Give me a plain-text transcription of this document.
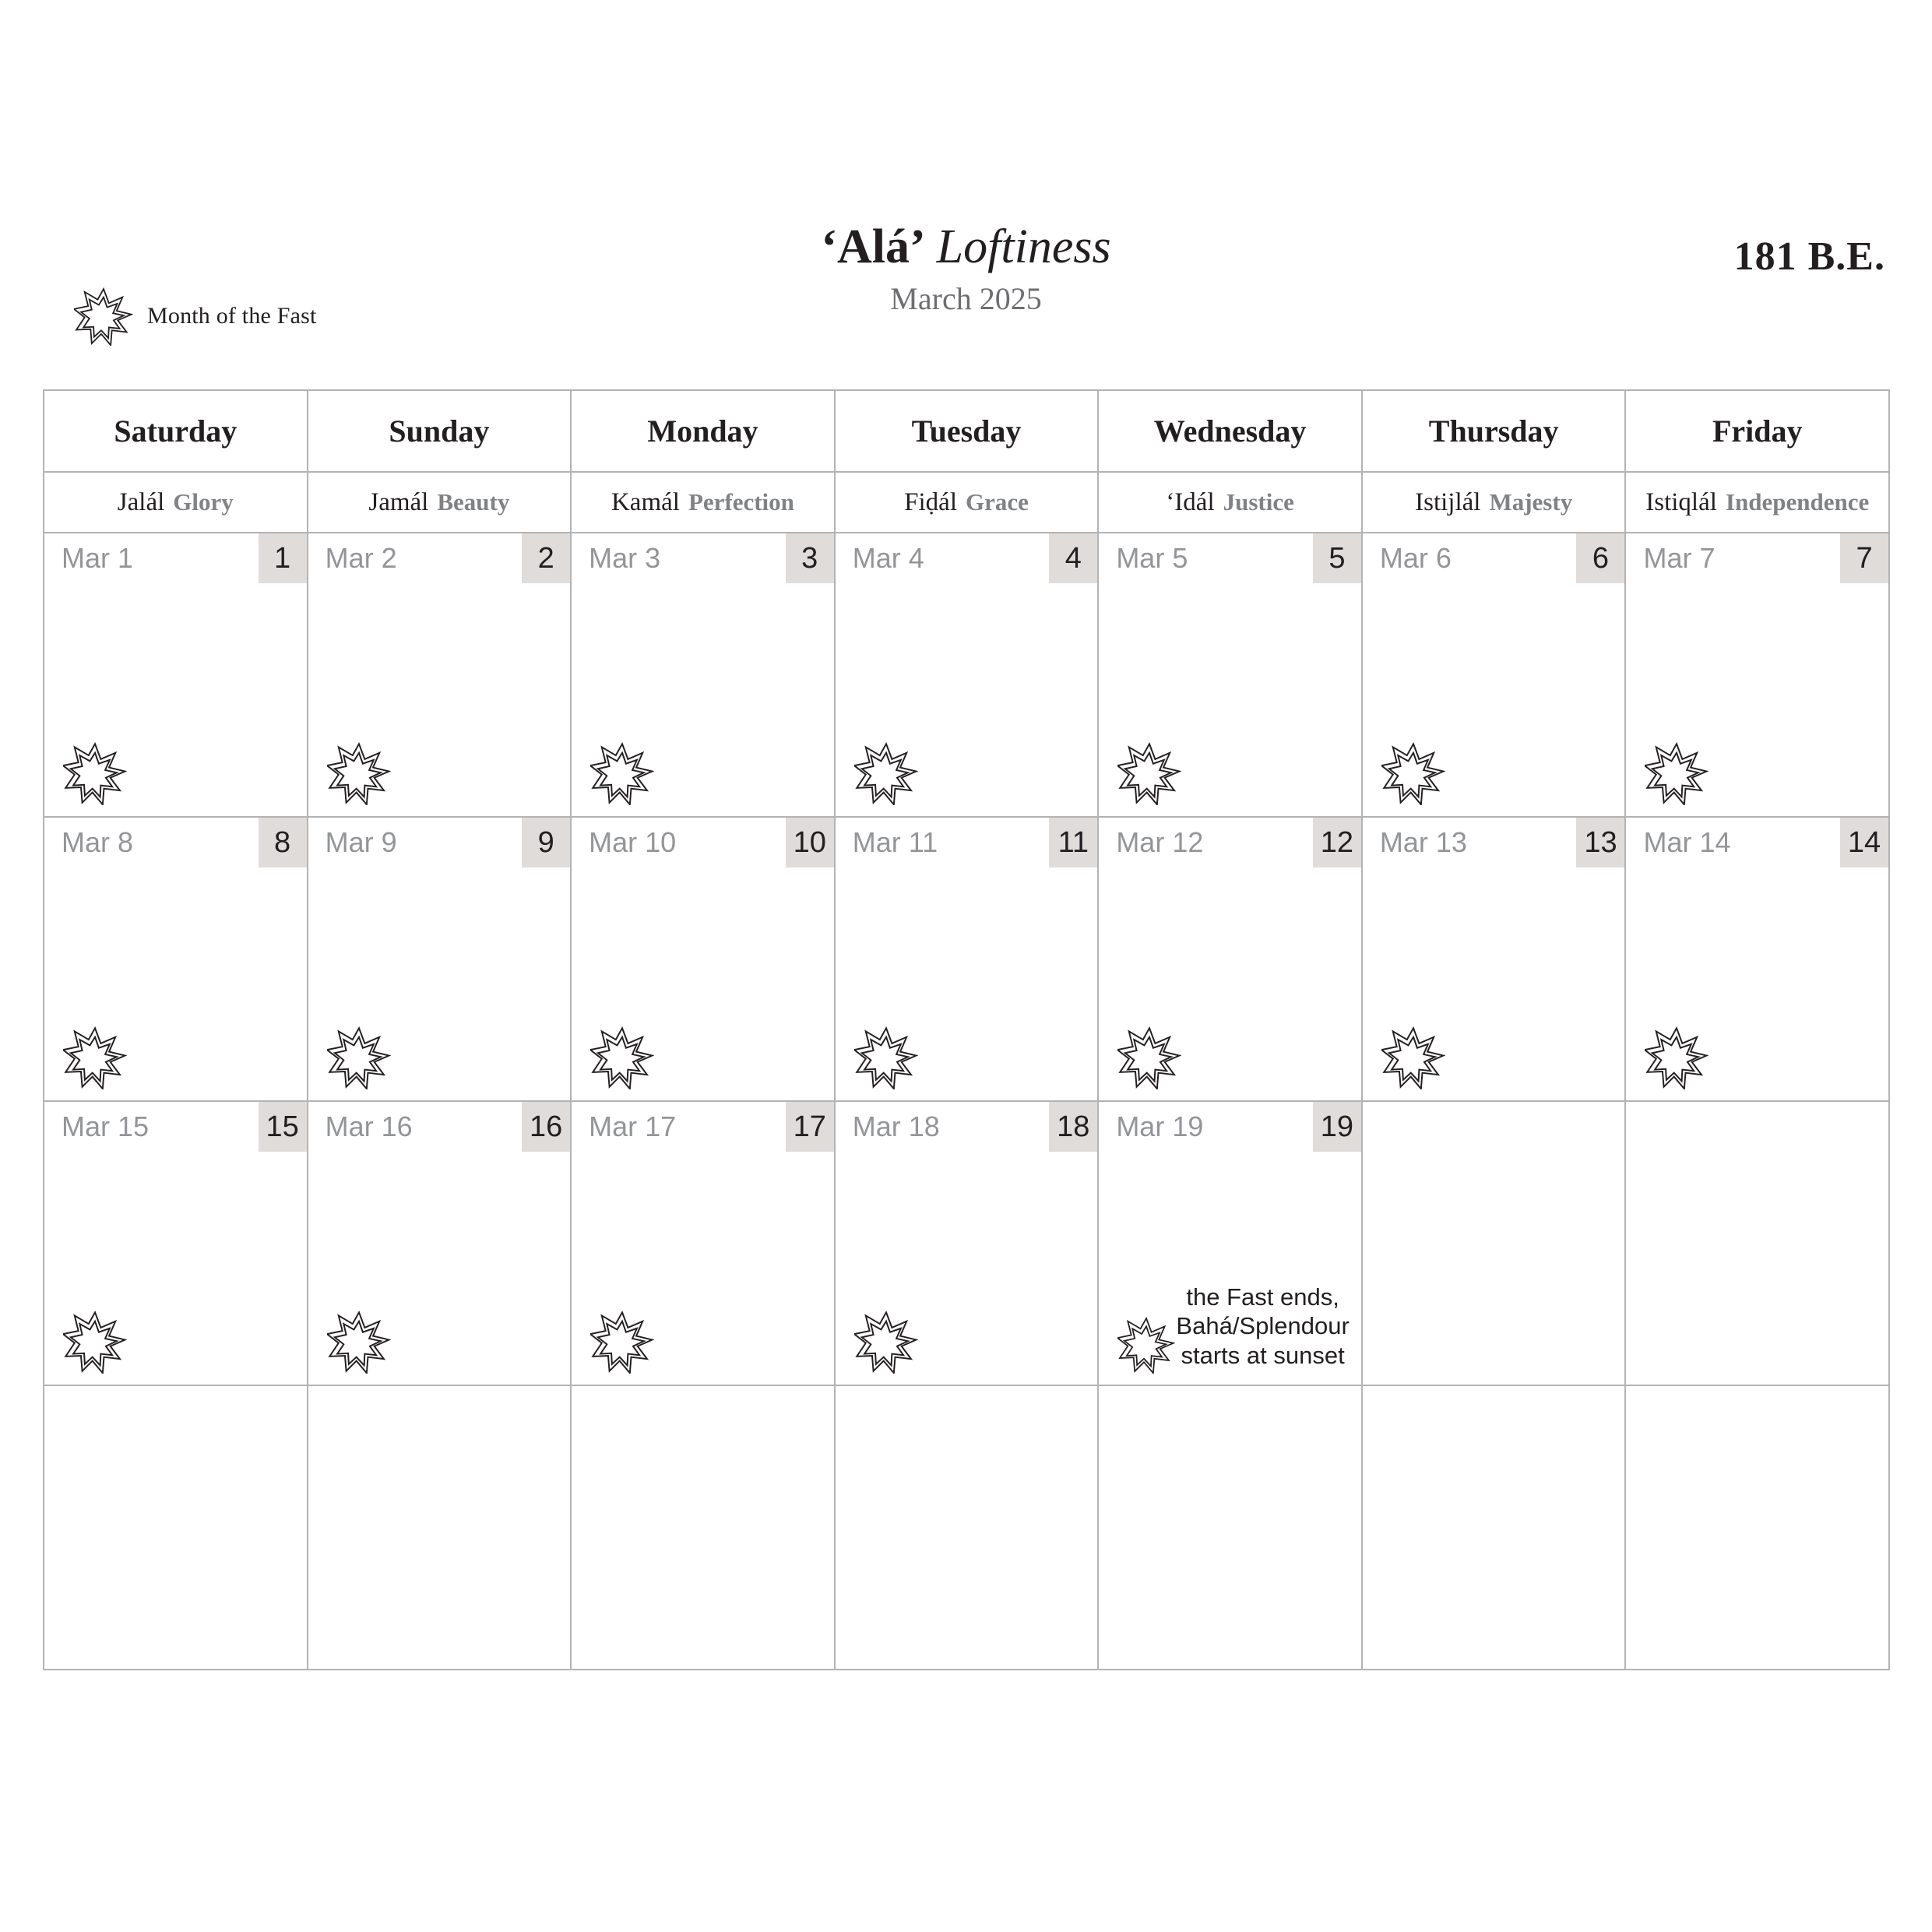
‘Alá’ Loftiness
March 2025
181 B.E.
Month of the Fast
Saturday	Sunday	Monday	Tuesday	Wednesday	Thursday	Friday
Jalál Glory	Jamál Beauty	Kamál Perfection	Fiḍál Grace	‘Idál Justice	Istijlál Majesty	Istiqlál Independence
Mar 1	1	Mar 2	2	Mar 3	3	Mar 4	4	Mar 5	5	Mar 6	6	Mar 7	7
Mar 8	8	Mar 9	9	Mar 10	10 Mar 11	11 Mar 12	12 Mar 13	13 Mar 14	14
Mar 15	15 Mar 16	16 Mar 17	17 Mar 18	18 Mar 19	19
the Fast ends,
Bahá/Splendour
starts at sunset
